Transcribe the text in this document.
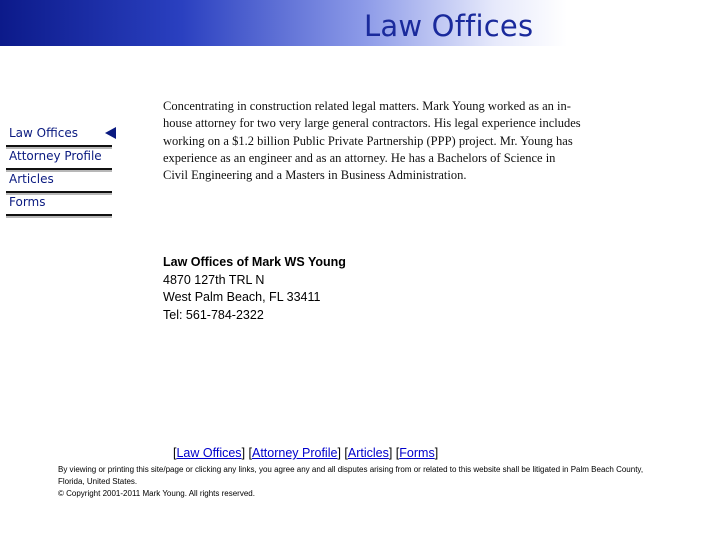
Law Offices
Law Offices
Attorney Profile
Articles
Forms

Concentrating in construction related legal matters. Mark Young worked as an in-house attorney for two very large general contractors. His legal experience includes working on a $1.2 billion Public Private Partnership (PPP) project. Mr. Young has experience as an engineer and as an attorney. He has a Bachelors of Science in Civil Engineering and a Masters in Business Administration.

Law Offices of Mark WS Young
4870 127th TRL N
West Palm Beach, FL 33411
Tel: 561-784-2322
[Law Offices] [Attorney Profile] [Articles] [Forms]

By viewing or printing this site/page or clicking any links, you agree any and all disputes arising from or related to this website shall be litigated in Palm Beach County, Florida, United States.

© Copyright 2001-2011 Mark Young. All rights reserved.
